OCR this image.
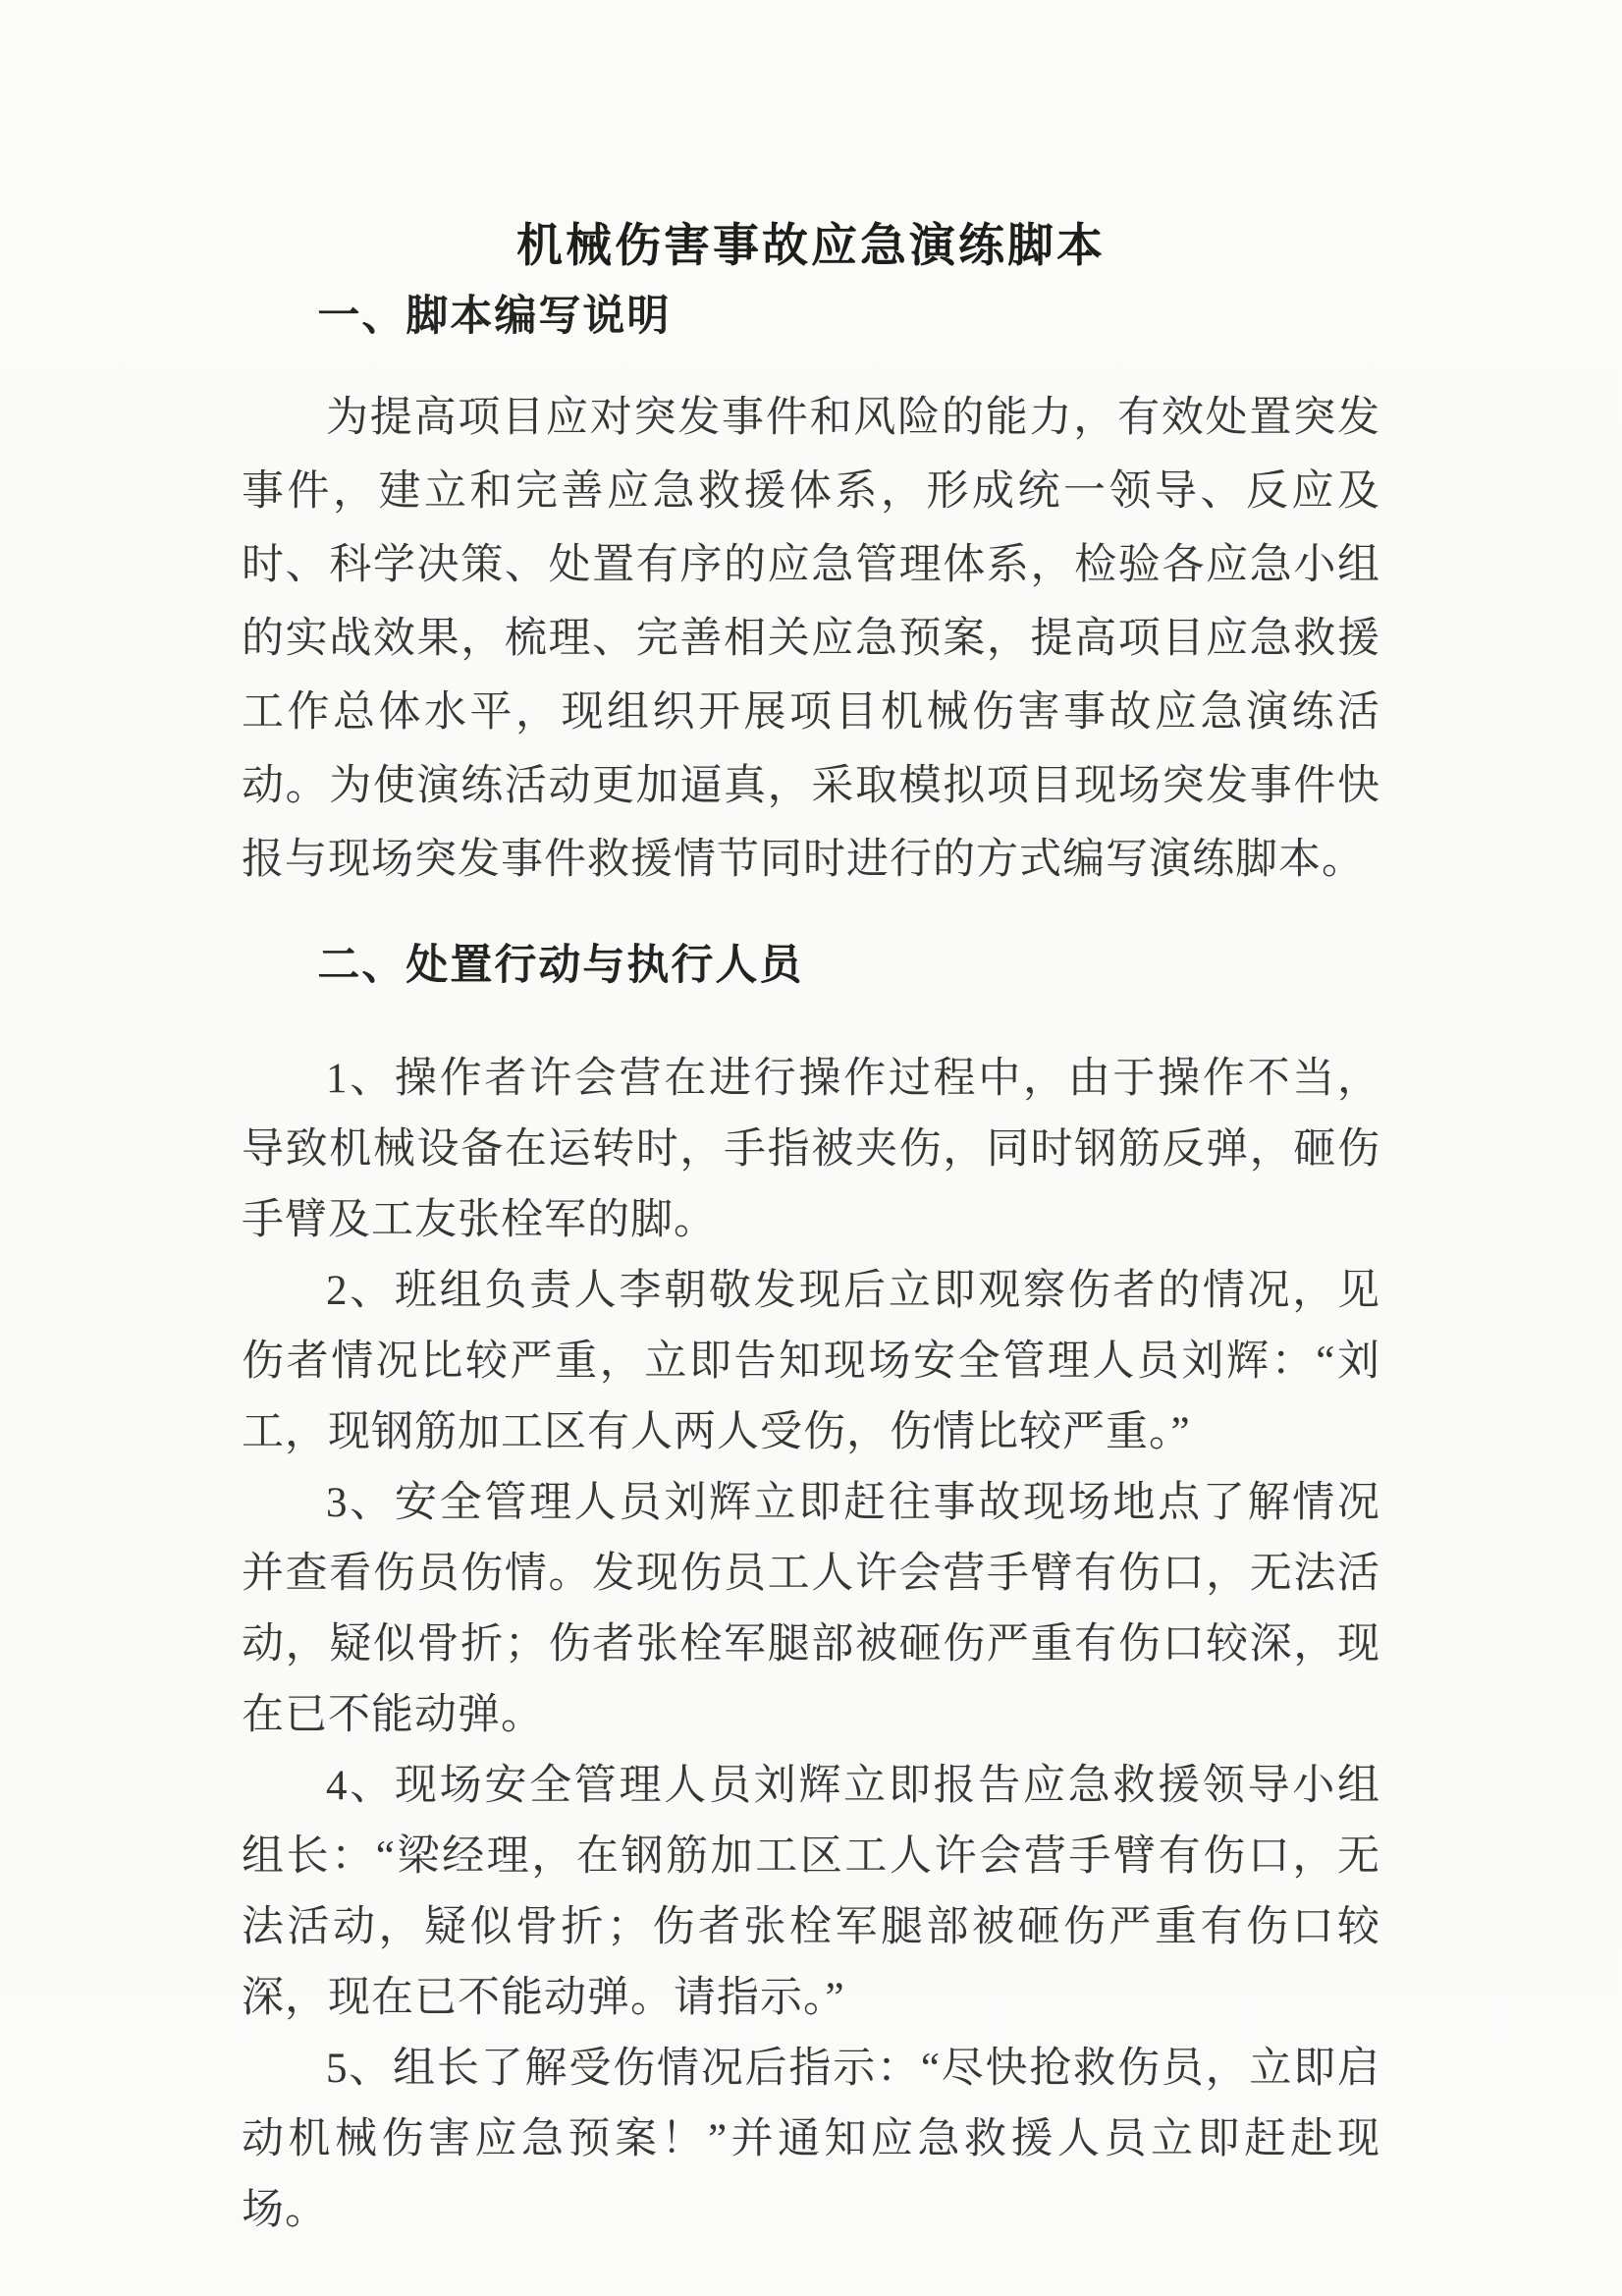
机械伤害事故应急演练脚本
一、脚本编写说明

为提高项目应对突发事件和风险的能力，有效处置突发事件，建立和完善应急救援体系，形成统一领导、反应及时、科学决策、处置有序的应急管理体系，检验各应急小组的实战效果，梳理、完善相关应急预案，提高项目应急救援工作总体水平，现组织开展项目机械伤害事故应急演练活动。为使演练活动更加逼真，采取模拟项目现场突发事件快报与现场突发事件救援情节同时进行的方式编写演练脚本。

二、处置行动与执行人员

1、操作者许会营在进行操作过程中，由于操作不当，导致机械设备在运转时，手指被夹伤，同时钢筋反弹，砸伤手臂及工友张栓军的脚。

2、班组负责人李朝敬发现后立即观察伤者的情况，见伤者情况比较严重，立即告知现场安全管理人员刘辉：“刘工，现钢筋加工区有人两人受伤，伤情比较严重。”

3、安全管理人员刘辉立即赶往事故现场地点了解情况并查看伤员伤情。发现伤员工人许会营手臂有伤口，无法活动，疑似骨折；伤者张栓军腿部被砸伤严重有伤口较深，现在已不能动弹。

4、现场安全管理人员刘辉立即报告应急救援领导小组组长：“梁经理，在钢筋加工区工人许会营手臂有伤口，无法活动，疑似骨折；伤者张栓军腿部被砸伤严重有伤口较深，现在已不能动弹。请指示。”

5、组长了解受伤情况后指示：“尽快抢救伤员，立即启动机械伤害应急预案！”并通知应急救援人员立即赶赴现场。
